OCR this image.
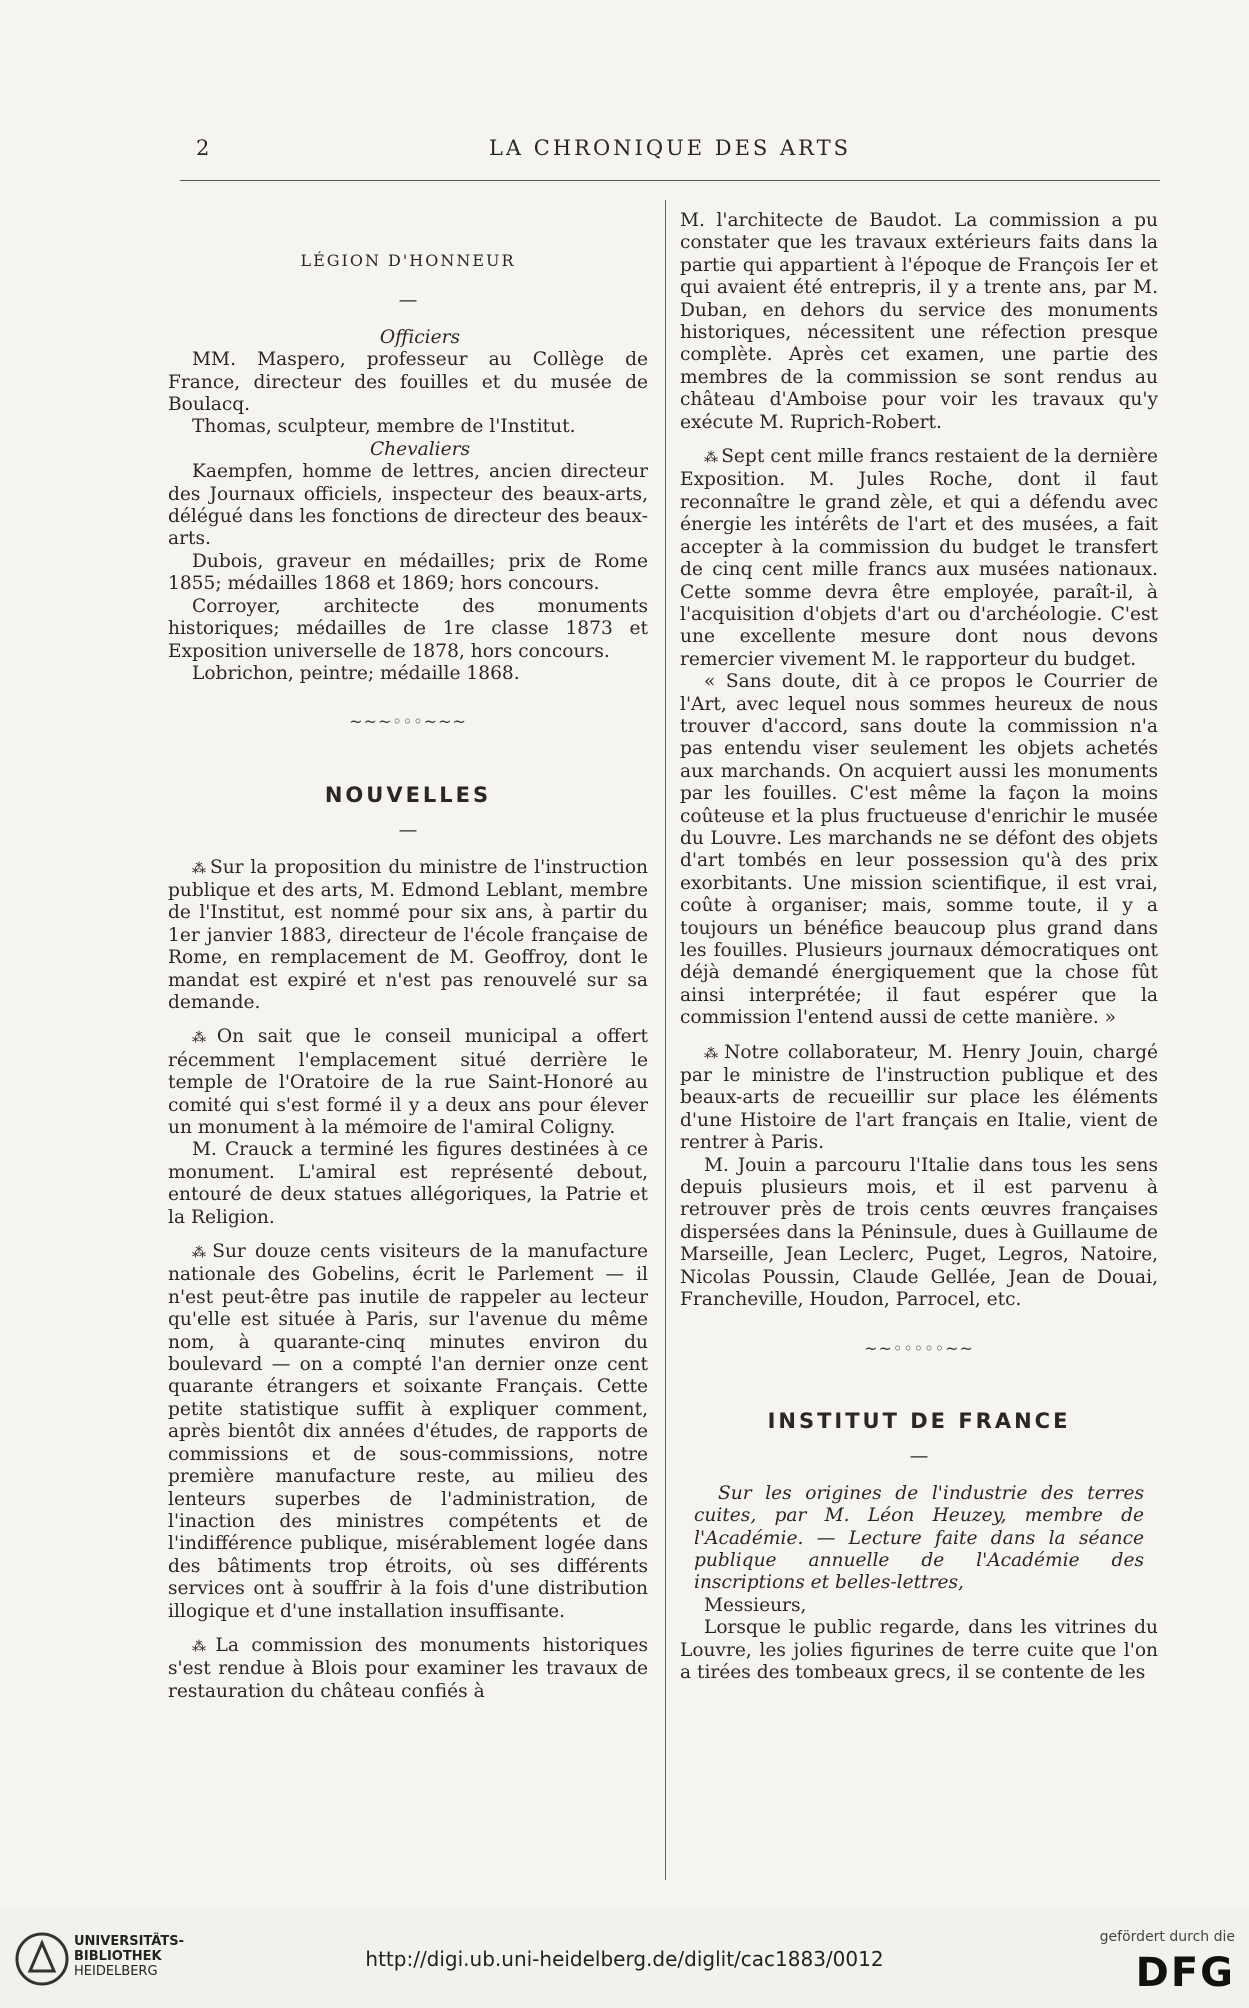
2	LA CHRONIQUE DES ARTS
LÉGION D'HONNEUR
—

Officiers

MM. Maspero, professeur au Collège de France, directeur des fouilles et du musée de Boulacq.

Thomas, sculpteur, membre de l'Institut.

Chevaliers

Kaempfen, homme de lettres, ancien directeur des Journaux officiels, inspecteur des beaux-arts, délégué dans les fonctions de directeur des beaux-arts.

Dubois, graveur en médailles; prix de Rome 1855; médailles 1868 et 1869; hors concours.

Corroyer, architecte des monuments historiques; médailles de 1re classe 1873 et Exposition universelle de 1878, hors concours.

Lobrichon, peintre; médaille 1868.

~~~◦◦◦~~~
NOUVELLES
—

⁂ Sur la proposition du ministre de l'instruction publique et des arts, M. Edmond Leblant, membre de l'Institut, est nommé pour six ans, à partir du 1er janvier 1883, directeur de l'école française de Rome, en remplacement de M. Geoffroy, dont le mandat est expiré et n'est pas renouvelé sur sa demande.

⁂ On sait que le conseil municipal a offert récemment l'emplacement situé derrière le temple de l'Oratoire de la rue Saint-Honoré au comité qui s'est formé il y a deux ans pour élever un monument à la mémoire de l'amiral Coligny.

M. Crauck a terminé les figures destinées à ce monument. L'amiral est représenté debout, entouré de deux statues allégoriques, la Patrie et la Religion.

⁂ Sur douze cents visiteurs de la manufacture nationale des Gobelins, écrit le Parlement — il n'est peut-être pas inutile de rappeler au lecteur qu'elle est située à Paris, sur l'avenue du même nom, à quarante-cinq minutes environ du boulevard — on a compté l'an dernier onze cent quarante étrangers et soixante Français. Cette petite statistique suffit à expliquer comment, après bientôt dix années d'études, de rapports de commissions et de sous-commissions, notre première manufacture reste, au milieu des lenteurs superbes de l'administration, de l'inaction des ministres compétents et de l'indifférence publique, misérablement logée dans des bâtiments trop étroits, où ses différents services ont à souffrir à la fois d'une distribution illogique et d'une installation insuffisante.

⁂ La commission des monuments historiques s'est rendue à Blois pour examiner les travaux de restauration du château confiés à

M. l'architecte de Baudot. La commission a pu constater que les travaux extérieurs faits dans la partie qui appartient à l'époque de François Ier et qui avaient été entrepris, il y a trente ans, par M. Duban, en dehors du service des monuments historiques, nécessitent une réfection presque complète. Après cet examen, une partie des membres de la commission se sont rendus au château d'Amboise pour voir les travaux qu'y exécute M. Ruprich-Robert.

⁂ Sept cent mille francs restaient de la dernière Exposition. M. Jules Roche, dont il faut reconnaître le grand zèle, et qui a défendu avec énergie les intérêts de l'art et des musées, a fait accepter à la commission du budget le transfert de cinq cent mille francs aux musées nationaux. Cette somme devra être employée, paraît-il, à l'acquisition d'objets d'art ou d'archéologie. C'est une excellente mesure dont nous devons remercier vivement M. le rapporteur du budget.

« Sans doute, dit à ce propos le Courrier de l'Art, avec lequel nous sommes heureux de nous trouver d'accord, sans doute la commission n'a pas entendu viser seulement les objets achetés aux marchands. On acquiert aussi les monuments par les fouilles. C'est même la façon la moins coûteuse et la plus fructueuse d'enrichir le musée du Louvre. Les marchands ne se défont des objets d'art tombés en leur possession qu'à des prix exorbitants. Une mission scientifique, il est vrai, coûte à organiser; mais, somme toute, il y a toujours un bénéfice beaucoup plus grand dans les fouilles. Plusieurs journaux démocratiques ont déjà demandé énergiquement que la chose fût ainsi interprétée; il faut espérer que la commission l'entend aussi de cette manière. »

⁂ Notre collaborateur, M. Henry Jouin, chargé par le ministre de l'instruction publique et des beaux-arts de recueillir sur place les éléments d'une Histoire de l'art français en Italie, vient de rentrer à Paris.

M. Jouin a parcouru l'Italie dans tous les sens depuis plusieurs mois, et il est parvenu à retrouver près de trois cents œuvres françaises dispersées dans la Péninsule, dues à Guillaume de Marseille, Jean Leclerc, Puget, Legros, Natoire, Nicolas Poussin, Claude Gellée, Jean de Douai, Francheville, Houdon, Parrocel, etc.

~~◦◦◦◦◦~~
INSTITUT DE FRANCE
—

Sur les origines de l'industrie des terres cuites, par M. Léon Heuzey, membre de l'Académie. — Lecture faite dans la séance publique annuelle de l'Académie des inscriptions et belles-lettres,

Messieurs,

Lorsque le public regarde, dans les vitrines du Louvre, les jolies figurines de terre cuite que l'on a tirées des tombeaux grecs, il se contente de les

UNIVERSITÄTS-
BIBLIOTHEK
HEIDELBERG
http://digi.ub.uni-heidelberg.de/diglit/cac1883/0012
gefördert durch die
DFG
